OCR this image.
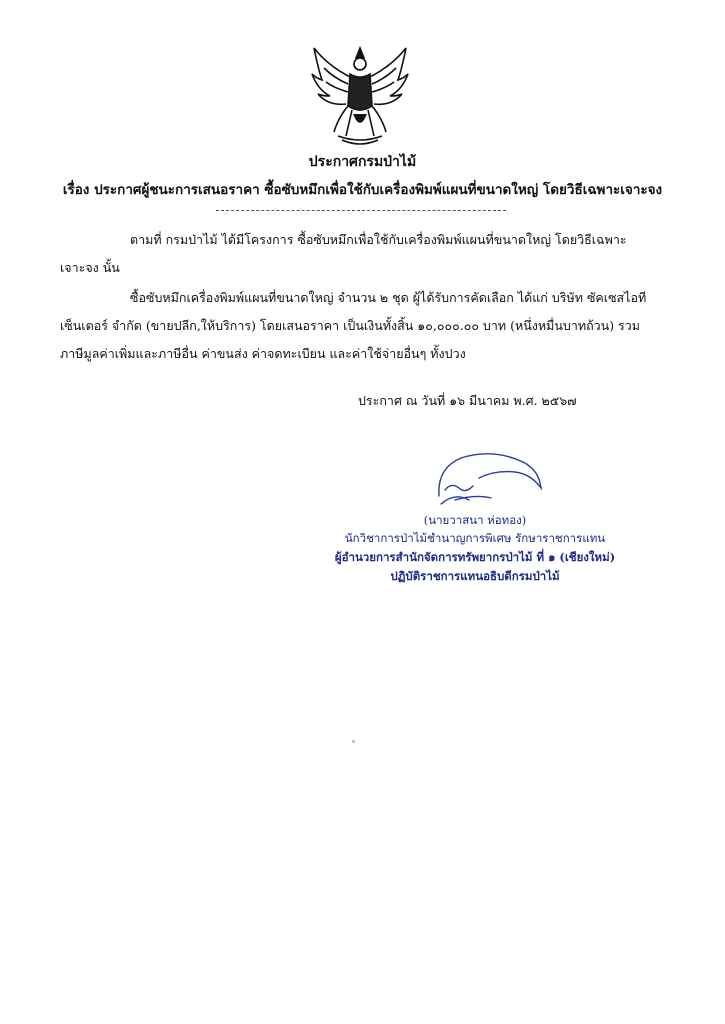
ประกาศกรมป่าไม้
เรื่อง ประกาศผู้ชนะการเสนอราคา ซื้อซับหมึกเพื่อใช้กับเครื่องพิมพ์แผนที่ขนาดใหญ่ โดยวิธีเฉพาะเจาะจง
ตามที่ กรมป่าไม้ ได้มีโครงการ ซื้อซับหมึกเพื่อใช้กับเครื่องพิมพ์แผนที่ขนาดใหญ่ โดยวิธีเฉพาะเจาะจง นั้น
ซื้อซับหมึกเครื่องพิมพ์แผนที่ขนาดใหญ่ จำนวน ๒ ชุด ผู้ได้รับการคัดเลือก ได้แก่ บริษัท ซัคเซสไอที เซ็นเตอร์ จำกัด (ขายปลีก,ให้บริการ) โดยเสนอราคา เป็นเงินทั้งสิ้น ๑๐,๐๐๐.๐๐ บาท (หนึ่งหมื่นบาทถ้วน) รวมภาษีมูลค่าเพิ่มและภาษีอื่น ค่าขนส่ง ค่าจดทะเบียน และค่าใช้จ่ายอื่นๆ ทั้งปวง
ประกาศ ณ วันที่ ๑๖ มีนาคม พ.ศ. ๒๕๖๗
(นายวาสนา ห่อทอง)
นักวิชาการป่าไม้ชำนาญการพิเศษ รักษาราชการแทน
ผู้อำนวยการสำนักจัดการทรัพยากรป่าไม้ ที่ ๑ (เชียงใหม่)
ปฏิบัติราชการแทนอธิบดีกรมป่าไม้
